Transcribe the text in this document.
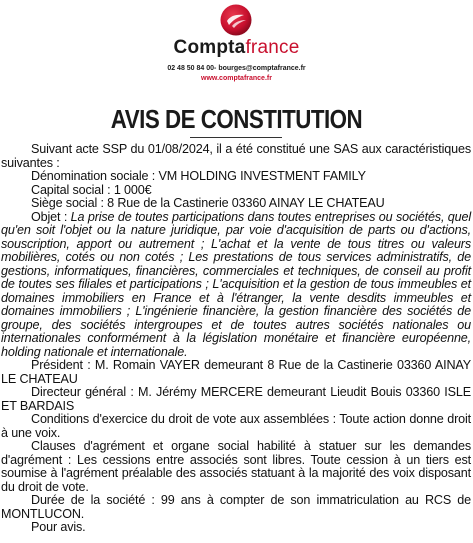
Comptafrance
02 48 50 84 00- bourges@comptafrance.fr
www.comptafrance.fr
AVIS DE CONSTITUTION

Suivant acte SSP du 01/08/2024, il a été constitué une SAS aux caractéristiques suivantes :

Dénomination sociale : VM HOLDING INVESTMENT FAMILY

Capital social : 1 000€

Siège social : 8 Rue de la Castinerie 03360 AINAY LE CHATEAU

Objet : La prise de toutes participations dans toutes entreprises ou sociétés, quel qu'en soit l'objet ou la nature juridique, par voie d'acquisition de parts ou d'actions, souscription, apport ou autrement ; L'achat et la vente de tous titres ou valeurs mobilières, cotés ou non cotés ; Les prestations de tous services administratifs, de gestions, informatiques, financières, commerciales et techniques, de conseil au profit de toutes ses filiales et participations ; L'acquisition et la gestion de tous immeubles et domaines immobiliers en France et à l'étranger, la vente desdits immeubles et domaines immobiliers ; L'ingénierie financière, la gestion financière des sociétés de groupe, des sociétés intergroupes et de toutes autres sociétés nationales ou internationales conformément à la législation monétaire et financière européenne, holding nationale et internationale.

Président : M. Romain VAYER demeurant 8 Rue de la Castinerie 03360 AINAY LE CHATEAU

Directeur général : M. Jérémy MERCERE demeurant Lieudit Bouis 03360 ISLE ET BARDAIS

Conditions d'exercice du droit de vote aux assemblées : Toute action donne droit à une voix.

Clauses d'agrément et organe social habilité à statuer sur les demandes d'agrément : Les cessions entre associés sont libres. Toute cession à un tiers est soumise à l'agrément préalable des associés statuant à la majorité des voix disposant du droit de vote.

Durée de la société : 99 ans à compter de son immatriculation au RCS de MONTLUCON.

Pour avis.
